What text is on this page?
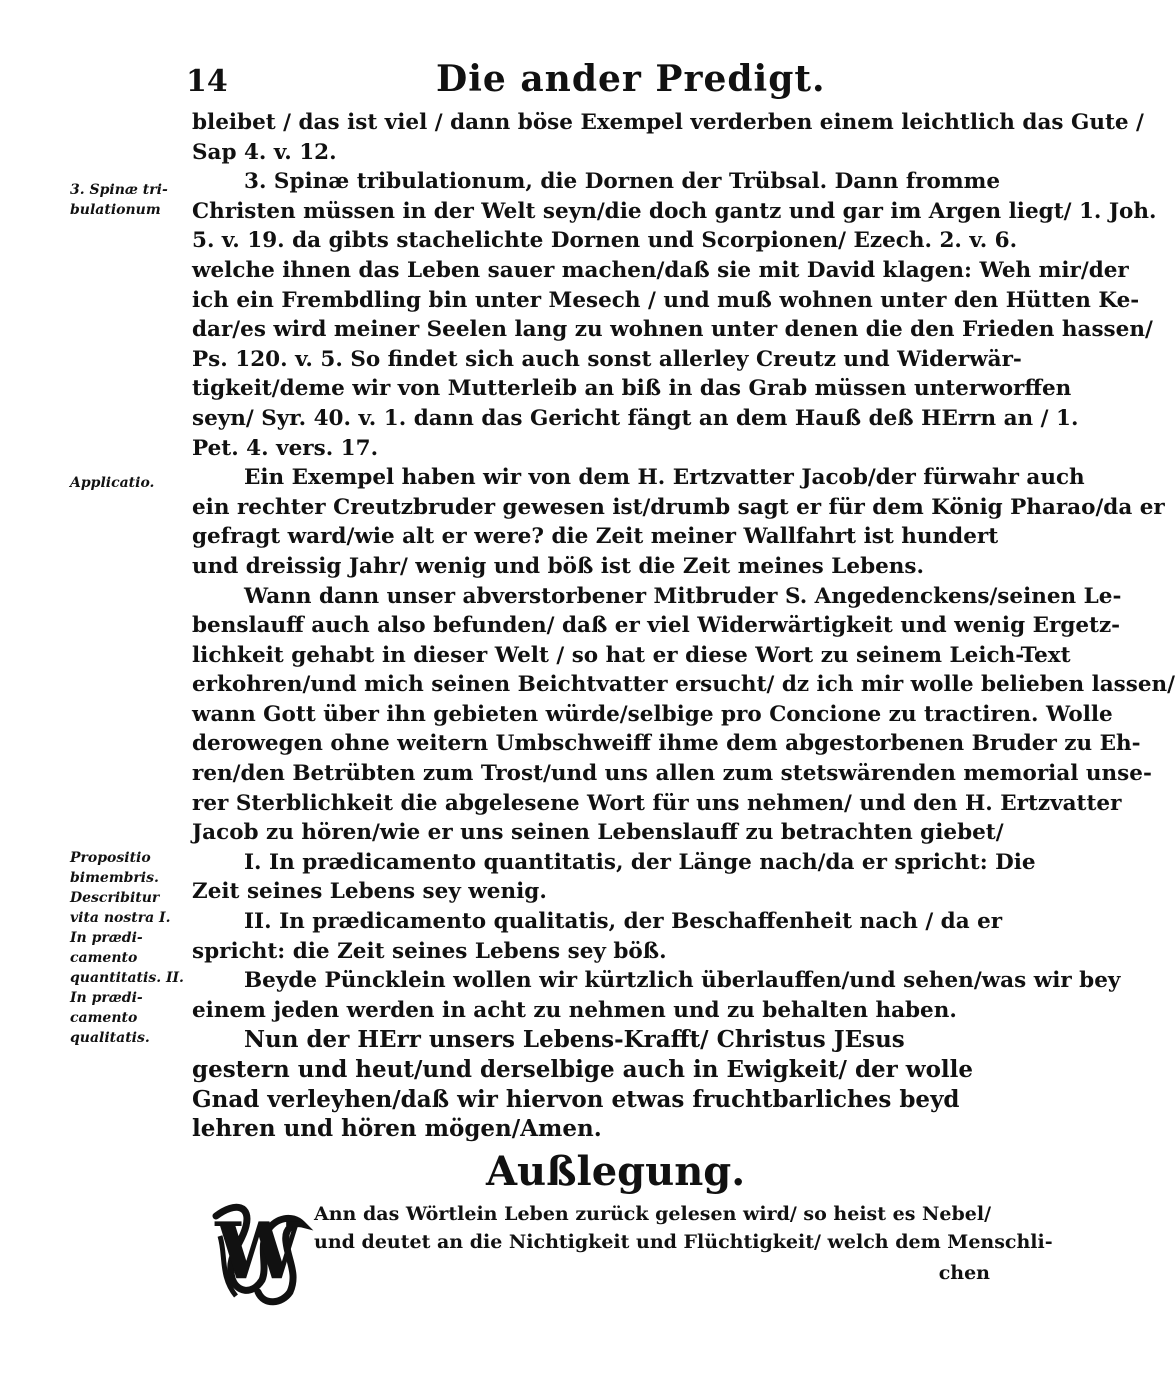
14	Die ander Predigt.
3. Spinæ tri- bulationum
Applicatio.
Propositio bimembris. Describitur vita nostra I. In prædi- camento quantitatis. II. In prædi- camento qualitatis.
bleibet / das ist viel / dann böse Exempel verderben einem leichtlich das Gute /
Sap 4. v. 12.
3. Spinæ tribulationum, die Dornen der Trübsal. Dann fromme
Christen müssen in der Welt seyn/die doch gantz und gar im Argen liegt/ 1. Joh.
5. v. 19. da gibts stachelichte Dornen und Scorpionen/ Ezech. 2. v. 6.
welche ihnen das Leben sauer machen/daß sie mit David klagen: Weh mir/der
ich ein Frembdling bin unter Mesech / und muß wohnen unter den Hütten Ke-
dar/es wird meiner Seelen lang zu wohnen unter denen die den Frieden hassen/
Ps. 120. v. 5. So findet sich auch sonst allerley Creutz und Widerwär-
tigkeit/deme wir von Mutterleib an biß in das Grab müssen unterworffen
seyn/ Syr. 40. v. 1. dann das Gericht fängt an dem Hauß deß HErrn an / 1.
Pet. 4. vers. 17.
Ein Exempel haben wir von dem H. Ertzvatter Jacob/der fürwahr auch
ein rechter Creutzbruder gewesen ist/drumb sagt er für dem König Pharao/da er
gefragt ward/wie alt er were? die Zeit meiner Wallfahrt ist hundert
und dreissig Jahr/ wenig und böß ist die Zeit meines Lebens.
Wann dann unser abverstorbener Mitbruder S. Angedenckens/seinen Le-
benslauff auch also befunden/ daß er viel Widerwärtigkeit und wenig Ergetz-
lichkeit gehabt in dieser Welt / so hat er diese Wort zu seinem Leich-Text
erkohren/und mich seinen Beichtvatter ersucht/ dz ich mir wolle belieben lassen/
wann Gott über ihn gebieten würde/selbige pro Concione zu tractiren. Wolle
derowegen ohne weitern Umbschweiff ihme dem abgestorbenen Bruder zu Eh-
ren/den Betrübten zum Trost/und uns allen zum stetswärenden memorial unse-
rer Sterblichkeit die abgelesene Wort für uns nehmen/ und den H. Ertzvatter
Jacob zu hören/wie er uns seinen Lebenslauff zu betrachten giebet/
I. In prædicamento quantitatis, der Länge nach/da er spricht: Die
Zeit seines Lebens sey wenig.
II. In prædicamento qualitatis, der Beschaffenheit nach / da er
spricht: die Zeit seines Lebens sey böß.
Beyde Püncklein wollen wir kürtzlich überlauffen/und sehen/was wir bey
einem jeden werden in acht zu nehmen und zu behalten haben.
Nun der HErr unsers Lebens-Krafft/ Christus JEsus
gestern und heut/und derselbige auch in Ewigkeit/ der wolle
Gnad verleyhen/daß wir hiervon etwas fruchtbarliches beyd
lehren und hören mögen/Amen.
Außlegung.
W Ann das Wörtlein Leben zurück gelesen wird/ so heist es Nebel/
und deutet an die Nichtigkeit und Flüchtigkeit/ welch dem Menschli-
chen
